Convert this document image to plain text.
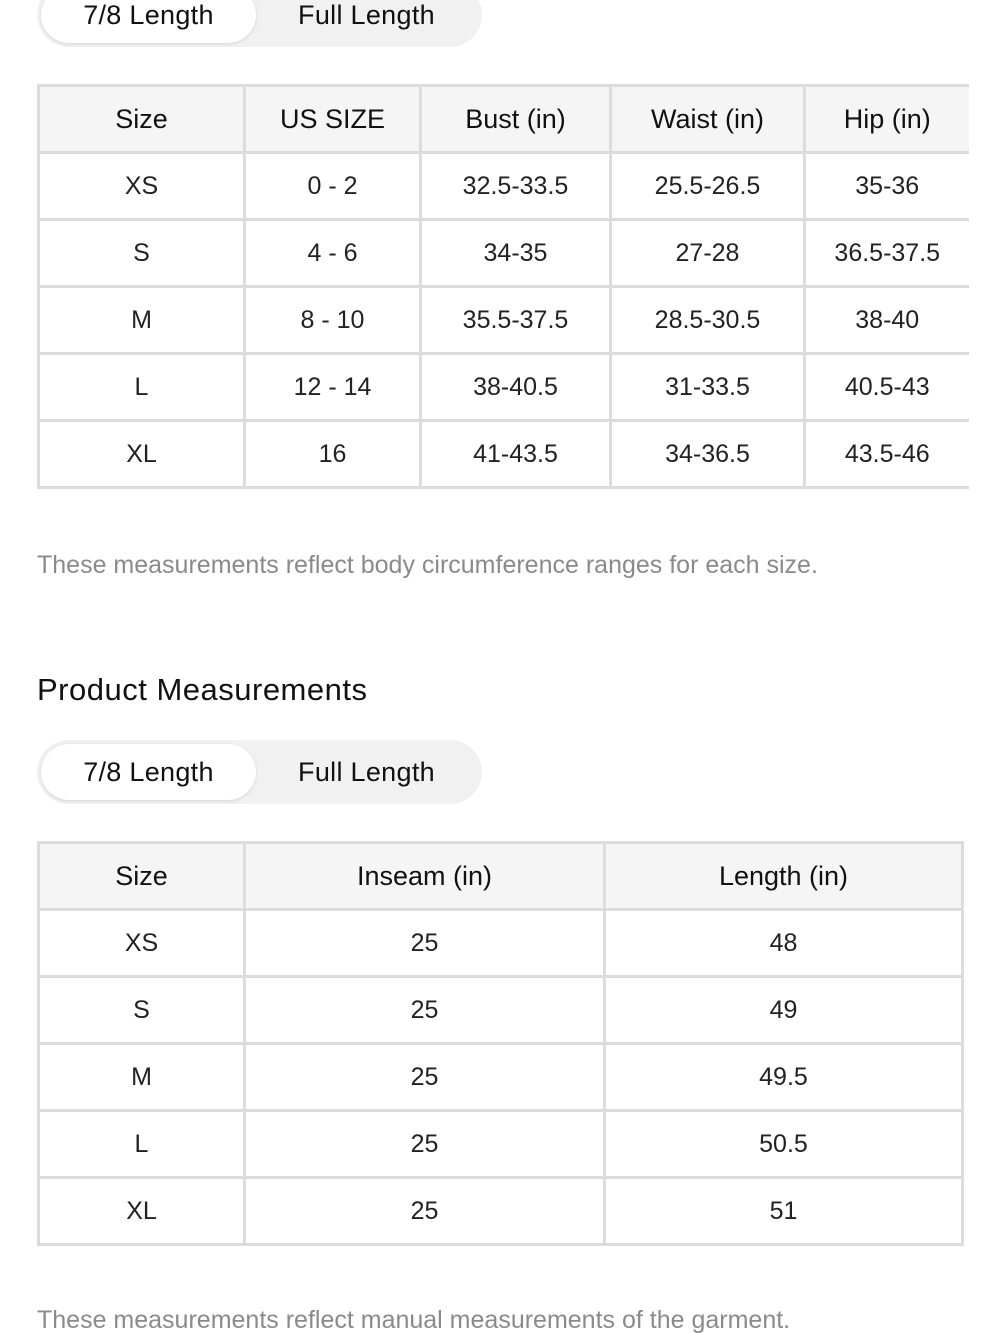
7/8 Length	Full Length
Size	US SIZE	Bust (in)	Waist (in)	Hip (in)
XS	0 - 2	32.5-33.5	25.5-26.5	35-36
S	4 - 6	34-35	27-28	36.5-37.5
M	8 - 10	35.5-37.5	28.5-30.5	38-40
L	12 - 14	38-40.5	31-33.5	40.5-43
XL	16	41-43.5	34-36.5	43.5-46
These measurements reflect body circumference ranges for each size.
Product Measurements
7/8 Length	Full Length
Size	Inseam (in)	Length (in)
XS	25	48
S	25	49
M	25	49.5
L	25	50.5
XL	25	51
These measurements reflect manual measurements of the garment.
